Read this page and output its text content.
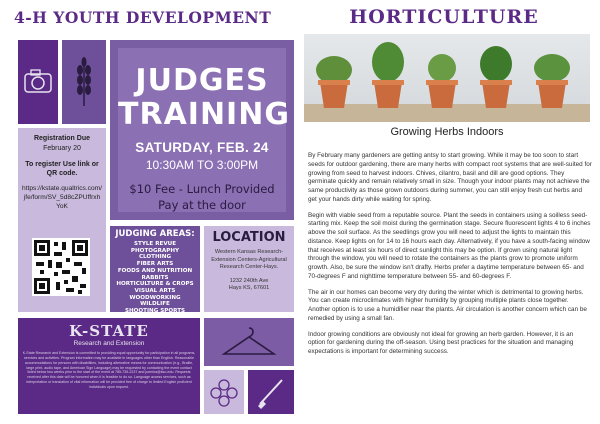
4-H YOUTH DEVELOPMENT
JUDGES
TRAINING
SATURDAY, FEB. 24
10:30AM TO 3:00PM
$10 Fee - Lunch Provided
Pay at the door

Registration Due

February 20

To register Use link or QR code.

https://kstate.qualtrics.com/jfe/form/SV_5d8cZPUffrxhYoK

JUDGING AREAS:
STYLE REVUE
PHOTOGRAPHY
CLOTHING
FIBER ARTS
FOODS AND NUTRITION
RABBITS
HORTICULTURE & CROPS
VISUAL ARTS
WOODWORKING
WILDLIFE
SHOOTING SPORTS
LOCATION
Western Kansas Research-Extension Centers-Agricultural Research Center-Hays.
1232 240th Ave
Hays KS, 67601
K-STATE
Research and Extension
K-State Research and Extension is committed to providing equal opportunity for participation in all programs, services and activities. Program information may be available in languages other than English. Reasonable accommodations for persons with disabilities, including alternative means for communication (e.g., Braille, large print, audio tape, and American Sign Language) may be requested by contacting the event contact listed below two weeks prior to the start of the event at 785-735-2237 and jurenka@ksu.edu. Requests received after this date will be honored when it is feasible to do so. Language access services, such as interpretation or translation of vital information will be provided free of charge to limited English proficient individuals upon request.
HORTICULTURE
Growing Herbs Indoors

By February many gardeners are getting antsy to start growing. While it may be too soon to start seeds for outdoor gardening, there are many herbs with compact root systems that are well-suited for growing from seed to harvest indoors. Chives, cilantro, basil and dill are good options. They germinate quickly and remain relatively small in size. Though your indoor plants may not achieve the same productivity as those grown outdoors during summer, you can still enjoy fresh cut herbs and get your hands dirty while waiting for spring.

Begin with viable seed from a reputable source. Plant the seeds in containers using a soilless seed-starting mix. Keep the soil moist during the germination stage. Secure fluorescent lights 4 to 6 inches above the soil surface. As the seedlings grow you will need to adjust the lights to maintain this distance. Keep lights on for 14 to 16 hours each day. Alternatively, if you have a south-facing window that receives at least six hours of direct sunlight this may be option. If grown using natural light through the window, you will need to rotate the containers as the plants grow to promote uniform growth. Also, be sure the window isn't drafty. Herbs prefer a daytime temperature between 65- and 70-degrees F and nighttime temperature between 55- and 60-degrees F.

The air in our homes can become very dry during the winter which is detrimental to growing herbs. You can create microclimates with higher humidity by grouping multiple plants close together. Another option is to use a humidifier near the plants. Air circulation is another concern which can be remedied by using a small fan.

Indoor growing conditions are obviously not ideal for growing an herb garden. However, it is an option for gardening during the off-season. Using best practices for the situation and managing expectations is important for determining success.
